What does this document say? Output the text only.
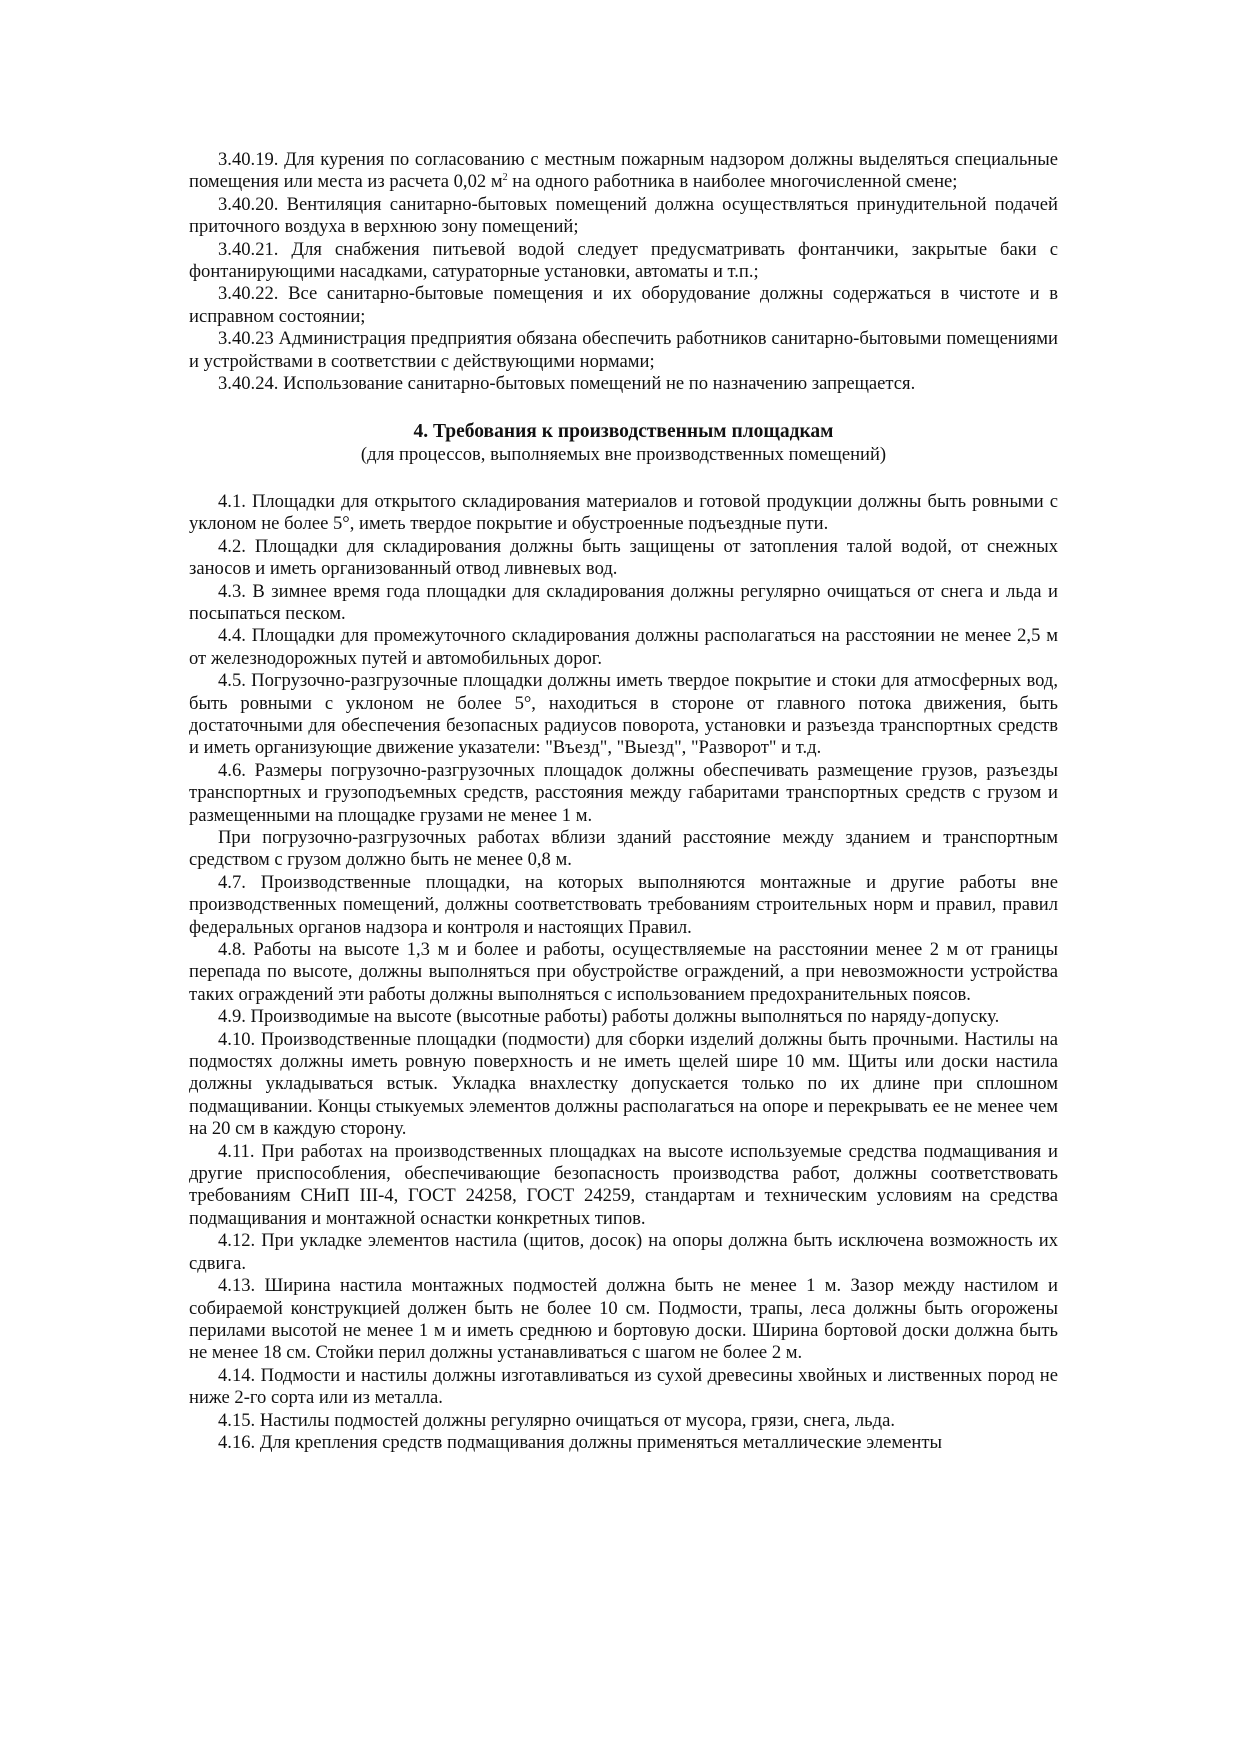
3.40.19. Для курения по согласованию с местным пожарным надзором должны выделяться специальные помещения или места из расчета 0,02 $м^2$ на одного работника в наиболее многочисленной смене;

3.40.20. Вентиляция санитарно-бытовых помещений должна осуществляться принудительной подачей приточного воздуха в верхнюю зону помещений;

3.40.21. Для снабжения питьевой водой следует предусматривать фонтанчики, закрытые баки с фонтанирующими насадками, сатураторные установки, автоматы и т.п.;

3.40.22. Все санитарно-бытовые помещения и их оборудование должны содержаться в чистоте и в исправном состоянии;

3.40.23 Администрация предприятия обязана обеспечить работников санитарно-бытовыми помещениями и устройствами в соответствии с действующими нормами;

3.40.24. Использование санитарно-бытовых помещений не по назначению запрещается.

4. Требования к производственным площадкам
(для процессов, выполняемых вне производственных помещений)

4.1. Площадки для открытого складирования материалов и готовой продукции должны быть ровными с уклоном не более 5°, иметь твердое покрытие и обустроенные подъездные пути.

4.2. Площадки для складирования должны быть защищены от затопления талой водой, от снежных заносов и иметь организованный отвод ливневых вод.

4.3. В зимнее время года площадки для складирования должны регулярно очищаться от снега и льда и посыпаться песком.

4.4. Площадки для промежуточного складирования должны располагаться на расстоянии не менее 2,5 м от железнодорожных путей и автомобильных дорог.

4.5. Погрузочно-разгрузочные площадки должны иметь твердое покрытие и стоки для атмосферных вод, быть ровными с уклоном не более 5°, находиться в стороне от главного потока движения, быть достаточными для обеспечения безопасных радиусов поворота, установки и разъезда транспортных средств и иметь организующие движение указатели: "Въезд", "Выезд", "Разворот" и т.д.

4.6. Размеры погрузочно-разгрузочных площадок должны обеспечивать размещение грузов, разъезды транспортных и грузоподъемных средств, расстояния между габаритами транспортных средств с грузом и размещенными на площадке грузами не менее 1 м.

При погрузочно-разгрузочных работах вблизи зданий расстояние между зданием и транспортным средством с грузом должно быть не менее 0,8 м.

4.7. Производственные площадки, на которых выполняются монтажные и другие работы вне производственных помещений, должны соответствовать требованиям строительных норм и правил, правил федеральных органов надзора и контроля и настоящих Правил.

4.8. Работы на высоте 1,3 м и более и работы, осуществляемые на расстоянии менее 2 м от границы перепада по высоте, должны выполняться при обустройстве ограждений, а при невозможности устройства таких ограждений эти работы должны выполняться с использованием предохранительных поясов.

4.9. Производимые на высоте (высотные работы) работы должны выполняться по наряду-допуску.

4.10. Производственные площадки (подмости) для сборки изделий должны быть прочными. Настилы на подмостях должны иметь ровную поверхность и не иметь щелей шире 10 мм. Щиты или доски настила должны укладываться встык. Укладка внахлестку допускается только по их длине при сплошном подмащивании. Концы стыкуемых элементов должны располагаться на опоре и перекрывать ее не менее чем на 20 см в каждую сторону.

4.11. При работах на производственных площадках на высоте используемые средства подмащивания и другие приспособления, обеспечивающие безопасность производства работ, должны соответствовать требованиям СНиП III-4, ГОСТ 24258, ГОСТ 24259, стандартам и техническим условиям на средства подмащивания и монтажной оснастки конкретных типов.

4.12. При укладке элементов настила (щитов, досок) на опоры должна быть исключена возможность их сдвига.

4.13. Ширина настила монтажных подмостей должна быть не менее 1 м. Зазор между настилом и собираемой конструкцией должен быть не более 10 см. Подмости, трапы, леса должны быть огорожены перилами высотой не менее 1 м и иметь среднюю и бортовую доски. Ширина бортовой доски должна быть не менее 18 см. Стойки перил должны устанавливаться с шагом не более 2 м.

4.14. Подмости и настилы должны изготавливаться из сухой древесины хвойных и лиственных пород не ниже 2-го сорта или из металла.

4.15. Настилы подмостей должны регулярно очищаться от мусора, грязи, снега, льда.

4.16. Для крепления средств подмащивания должны применяться металлические элементы
